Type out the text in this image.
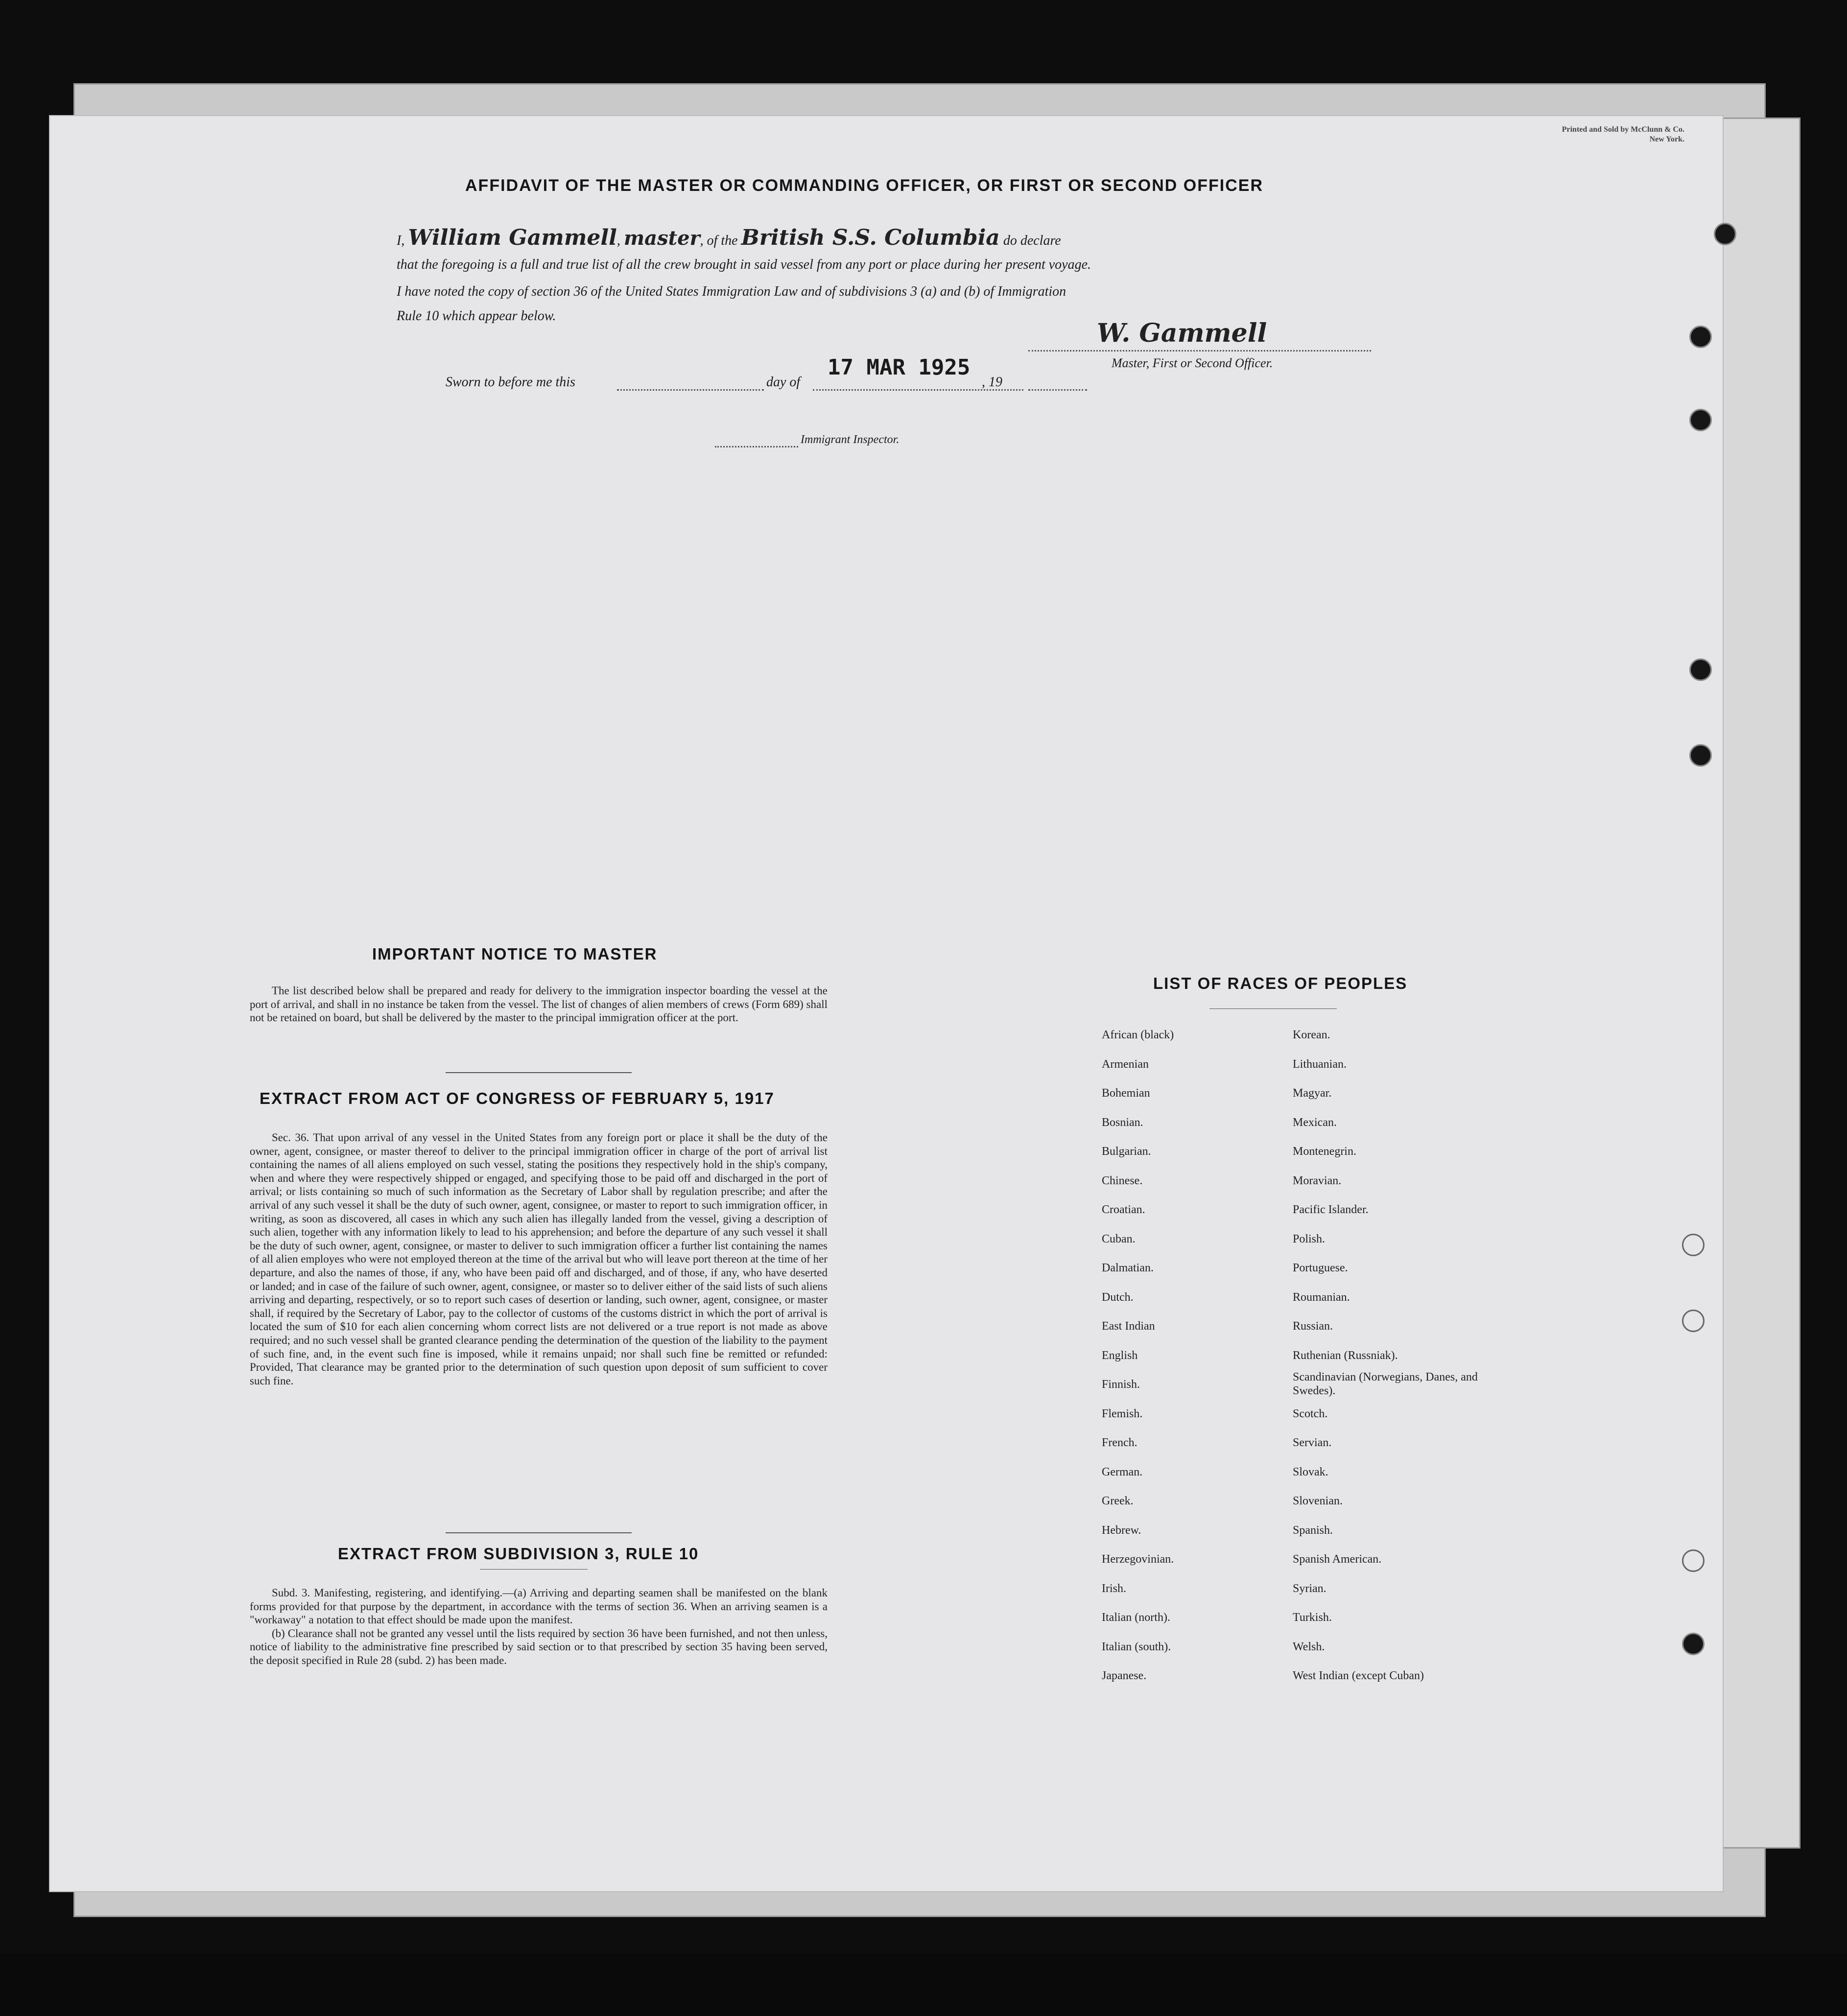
Printed and Sold by McClunn & Co.
New York.
AFFIDAVIT OF THE MASTER OR COMMANDING OFFICER, OR FIRST OR SECOND OFFICER
I, William Gammell, master, of the British S.S. Columbia do declare
that the foregoing is a full and true list of all the crew brought in said vessel from any port or place during her present voyage.
I have noted the copy of section 36 of the United States Immigration Law and of subdivisions 3 (a) and (b) of Immigration
Rule 10 which appear below.
W. Gammell
Master, First or Second Officer.
Sworn to before me this	day of
17 MAR 1925
, 19
Immigrant Inspector.
IMPORTANT NOTICE TO MASTER

The list described below shall be prepared and ready for delivery to the immigration inspector boarding the vessel at the port of arrival, and shall in no instance be taken from the vessel. The list of changes of alien members of crews (Form 689) shall not be retained on board, but shall be delivered by the master to the principal immigration officer at the port.

EXTRACT FROM ACT OF CONGRESS OF FEBRUARY 5, 1917

Sec. 36. That upon arrival of any vessel in the United States from any foreign port or place it shall be the duty of the owner, agent, consignee, or master thereof to deliver to the principal immigration officer in charge of the port of arrival list containing the names of all aliens employed on such vessel, stating the positions they respectively hold in the ship's company, when and where they were respectively shipped or engaged, and specifying those to be paid off and discharged in the port of arrival; or lists containing so much of such information as the Secretary of Labor shall by regulation prescribe; and after the arrival of any such vessel it shall be the duty of such owner, agent, consignee, or master to report to such immigration officer, in writing, as soon as discovered, all cases in which any such alien has illegally landed from the vessel, giving a description of such alien, together with any information likely to lead to his apprehension; and before the departure of any such vessel it shall be the duty of such owner, agent, consignee, or master to deliver to such immigration officer a further list containing the names of all alien employes who were not employed thereon at the time of the arrival but who will leave port thereon at the time of her departure, and also the names of those, if any, who have been paid off and discharged, and of those, if any, who have deserted or landed; and in case of the failure of such owner, agent, consignee, or master so to deliver either of the said lists of such aliens arriving and departing, respectively, or so to report such cases of desertion or landing, such owner, agent, consignee, or master shall, if required by the Secretary of Labor, pay to the collector of customs of the customs district in which the port of arrival is located the sum of $10 for each alien concerning whom correct lists are not delivered or a true report is not made as above required; and no such vessel shall be granted clearance pending the determination of the question of the liability to the payment of such fine, and, in the event such fine is imposed, while it remains unpaid; nor shall such fine be remitted or refunded: Provided, That clearance may be granted prior to the determination of such question upon deposit of sum sufficient to cover such fine.

EXTRACT FROM SUBDIVISION 3, RULE 10

Subd. 3. Manifesting, registering, and identifying.—(a) Arriving and departing seamen shall be manifested on the blank forms provided for that purpose by the department, in accordance with the terms of section 36. When an arriving seamen is a "workaway" a notation to that effect should be made upon the manifest.

(b) Clearance shall not be granted any vessel until the lists required by section 36 have been furnished, and not then unless, notice of liability to the administrative fine prescribed by said section or to that prescribed by section 35 having been served, the deposit specified in Rule 28 (subd. 2) has been made.

LIST OF RACES OF PEOPLES
African (black)
Armenian
Bohemian
Bosnian.
Bulgarian.
Chinese.
Croatian.
Cuban.
Dalmatian.
Dutch.
East Indian
English
Finnish.
Flemish.
French.
German.
Greek.
Hebrew.
Herzegovinian.
Irish.
Italian (north).
Italian (south).
Japanese.
Korean.
Lithuanian.
Magyar.
Mexican.
Montenegrin.
Moravian.
Pacific Islander.
Polish.
Portuguese.
Roumanian.
Russian.
Ruthenian (Russniak).
Scandinavian (Norwegians, Danes, and Swedes).
Scotch.
Servian.
Slovak.
Slovenian.
Spanish.
Spanish American.
Syrian.
Turkish.
Welsh.
West Indian (except Cuban)
